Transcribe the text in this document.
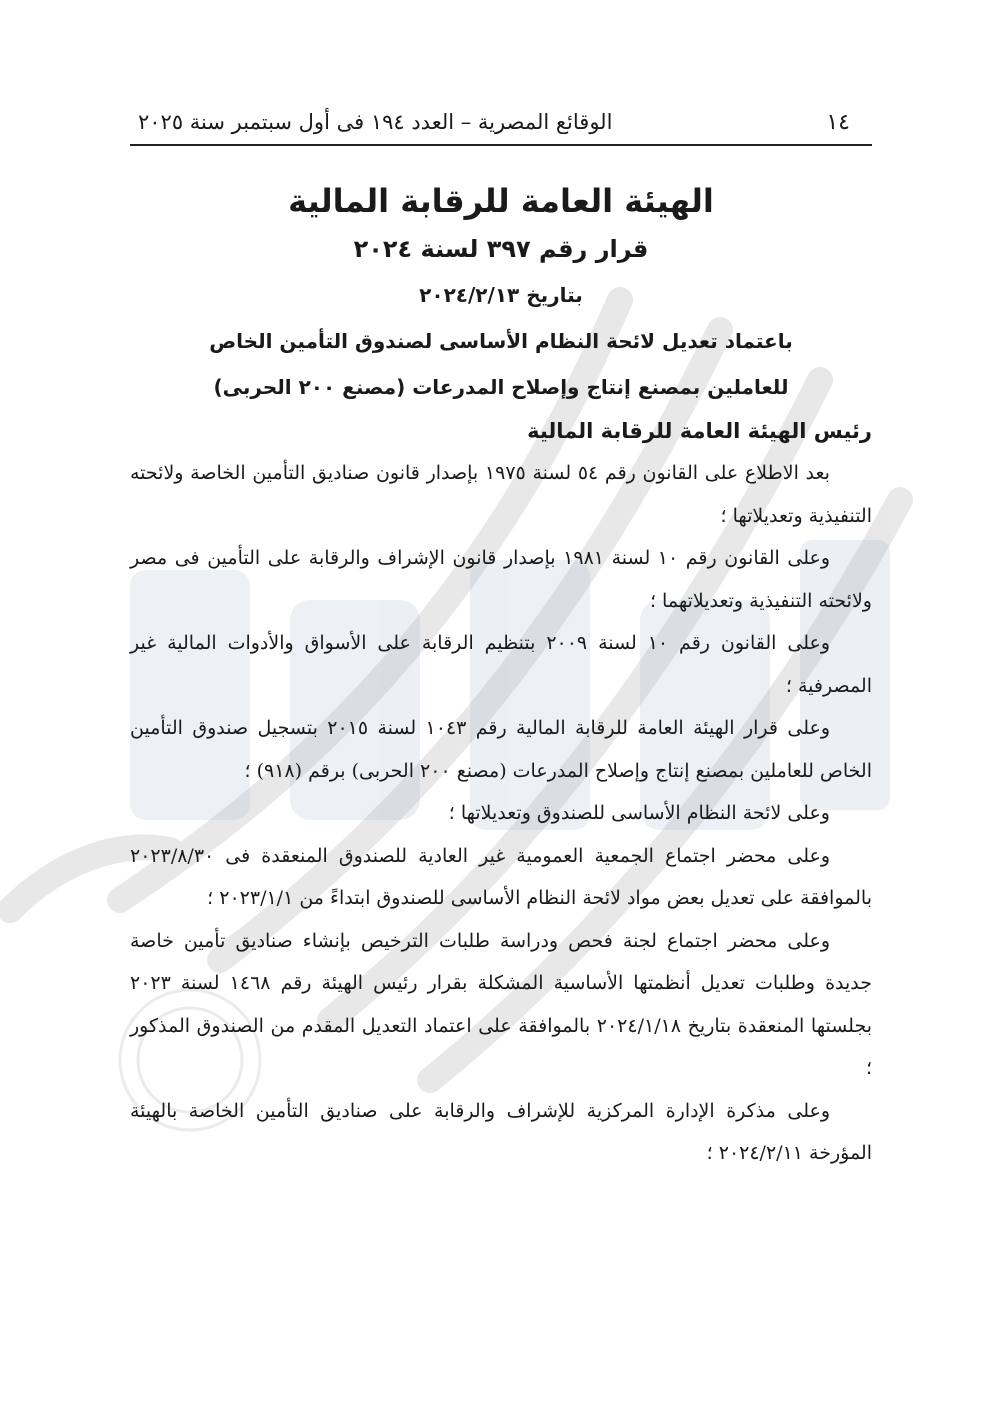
١٤
الوقائع المصرية – العدد ١٩٤ فى أول سبتمبر سنة ٢٠٢٥
الهيئة العامة للرقابة المالية
قرار رقم ٣٩٧ لسنة ٢٠٢٤
بتاريخ ٢٠٢٤/٢/١٣
باعتماد تعديل لائحة النظام الأساسى لصندوق التأمين الخاص
للعاملين بمصنع إنتاج وإصلاح المدرعات (مصنع ٢٠٠ الحربى)
رئيس الهيئة العامة للرقابة المالية

بعد الاطلاع على القانون رقم ٥٤ لسنة ١٩٧٥ بإصدار قانون صناديق التأمين الخاصة ولائحته التنفيذية وتعديلاتها ؛

وعلى القانون رقم ١٠ لسنة ١٩٨١ بإصدار قانون الإشراف والرقابة على التأمين فى مصر ولائحته التنفيذية وتعديلاتهما ؛

وعلى القانون رقم ١٠ لسنة ٢٠٠٩ بتنظيم الرقابة على الأسواق والأدوات المالية غير المصرفية ؛

وعلى قرار الهيئة العامة للرقابة المالية رقم ١٠٤٣ لسنة ٢٠١٥ بتسجيل صندوق التأمين الخاص للعاملين بمصنع إنتاج وإصلاح المدرعات (مصنع ٢٠٠ الحربى) برقم (٩١٨) ؛

وعلى لائحة النظام الأساسى للصندوق وتعديلاتها ؛

وعلى محضر اجتماع الجمعية العمومية غير العادية للصندوق المنعقدة فى ٢٠٢٣/٨/٣٠ بالموافقة على تعديل بعض مواد لائحة النظام الأساسى للصندوق ابتداءً من ٢٠٢٣/١/١ ؛

وعلى محضر اجتماع لجنة فحص ودراسة طلبات الترخيص بإنشاء صناديق تأمين خاصة جديدة وطلبات تعديل أنظمتها الأساسية المشكلة بقرار رئيس الهيئة رقم ١٤٦٨ لسنة ٢٠٢٣ بجلستها المنعقدة بتاريخ ٢٠٢٤/١/١٨ بالموافقة على اعتماد التعديل المقدم من الصندوق المذكور ؛

وعلى مذكرة الإدارة المركزية للإشراف والرقابة على صناديق التأمين الخاصة بالهيئة المؤرخة ٢٠٢٤/٢/١١ ؛
